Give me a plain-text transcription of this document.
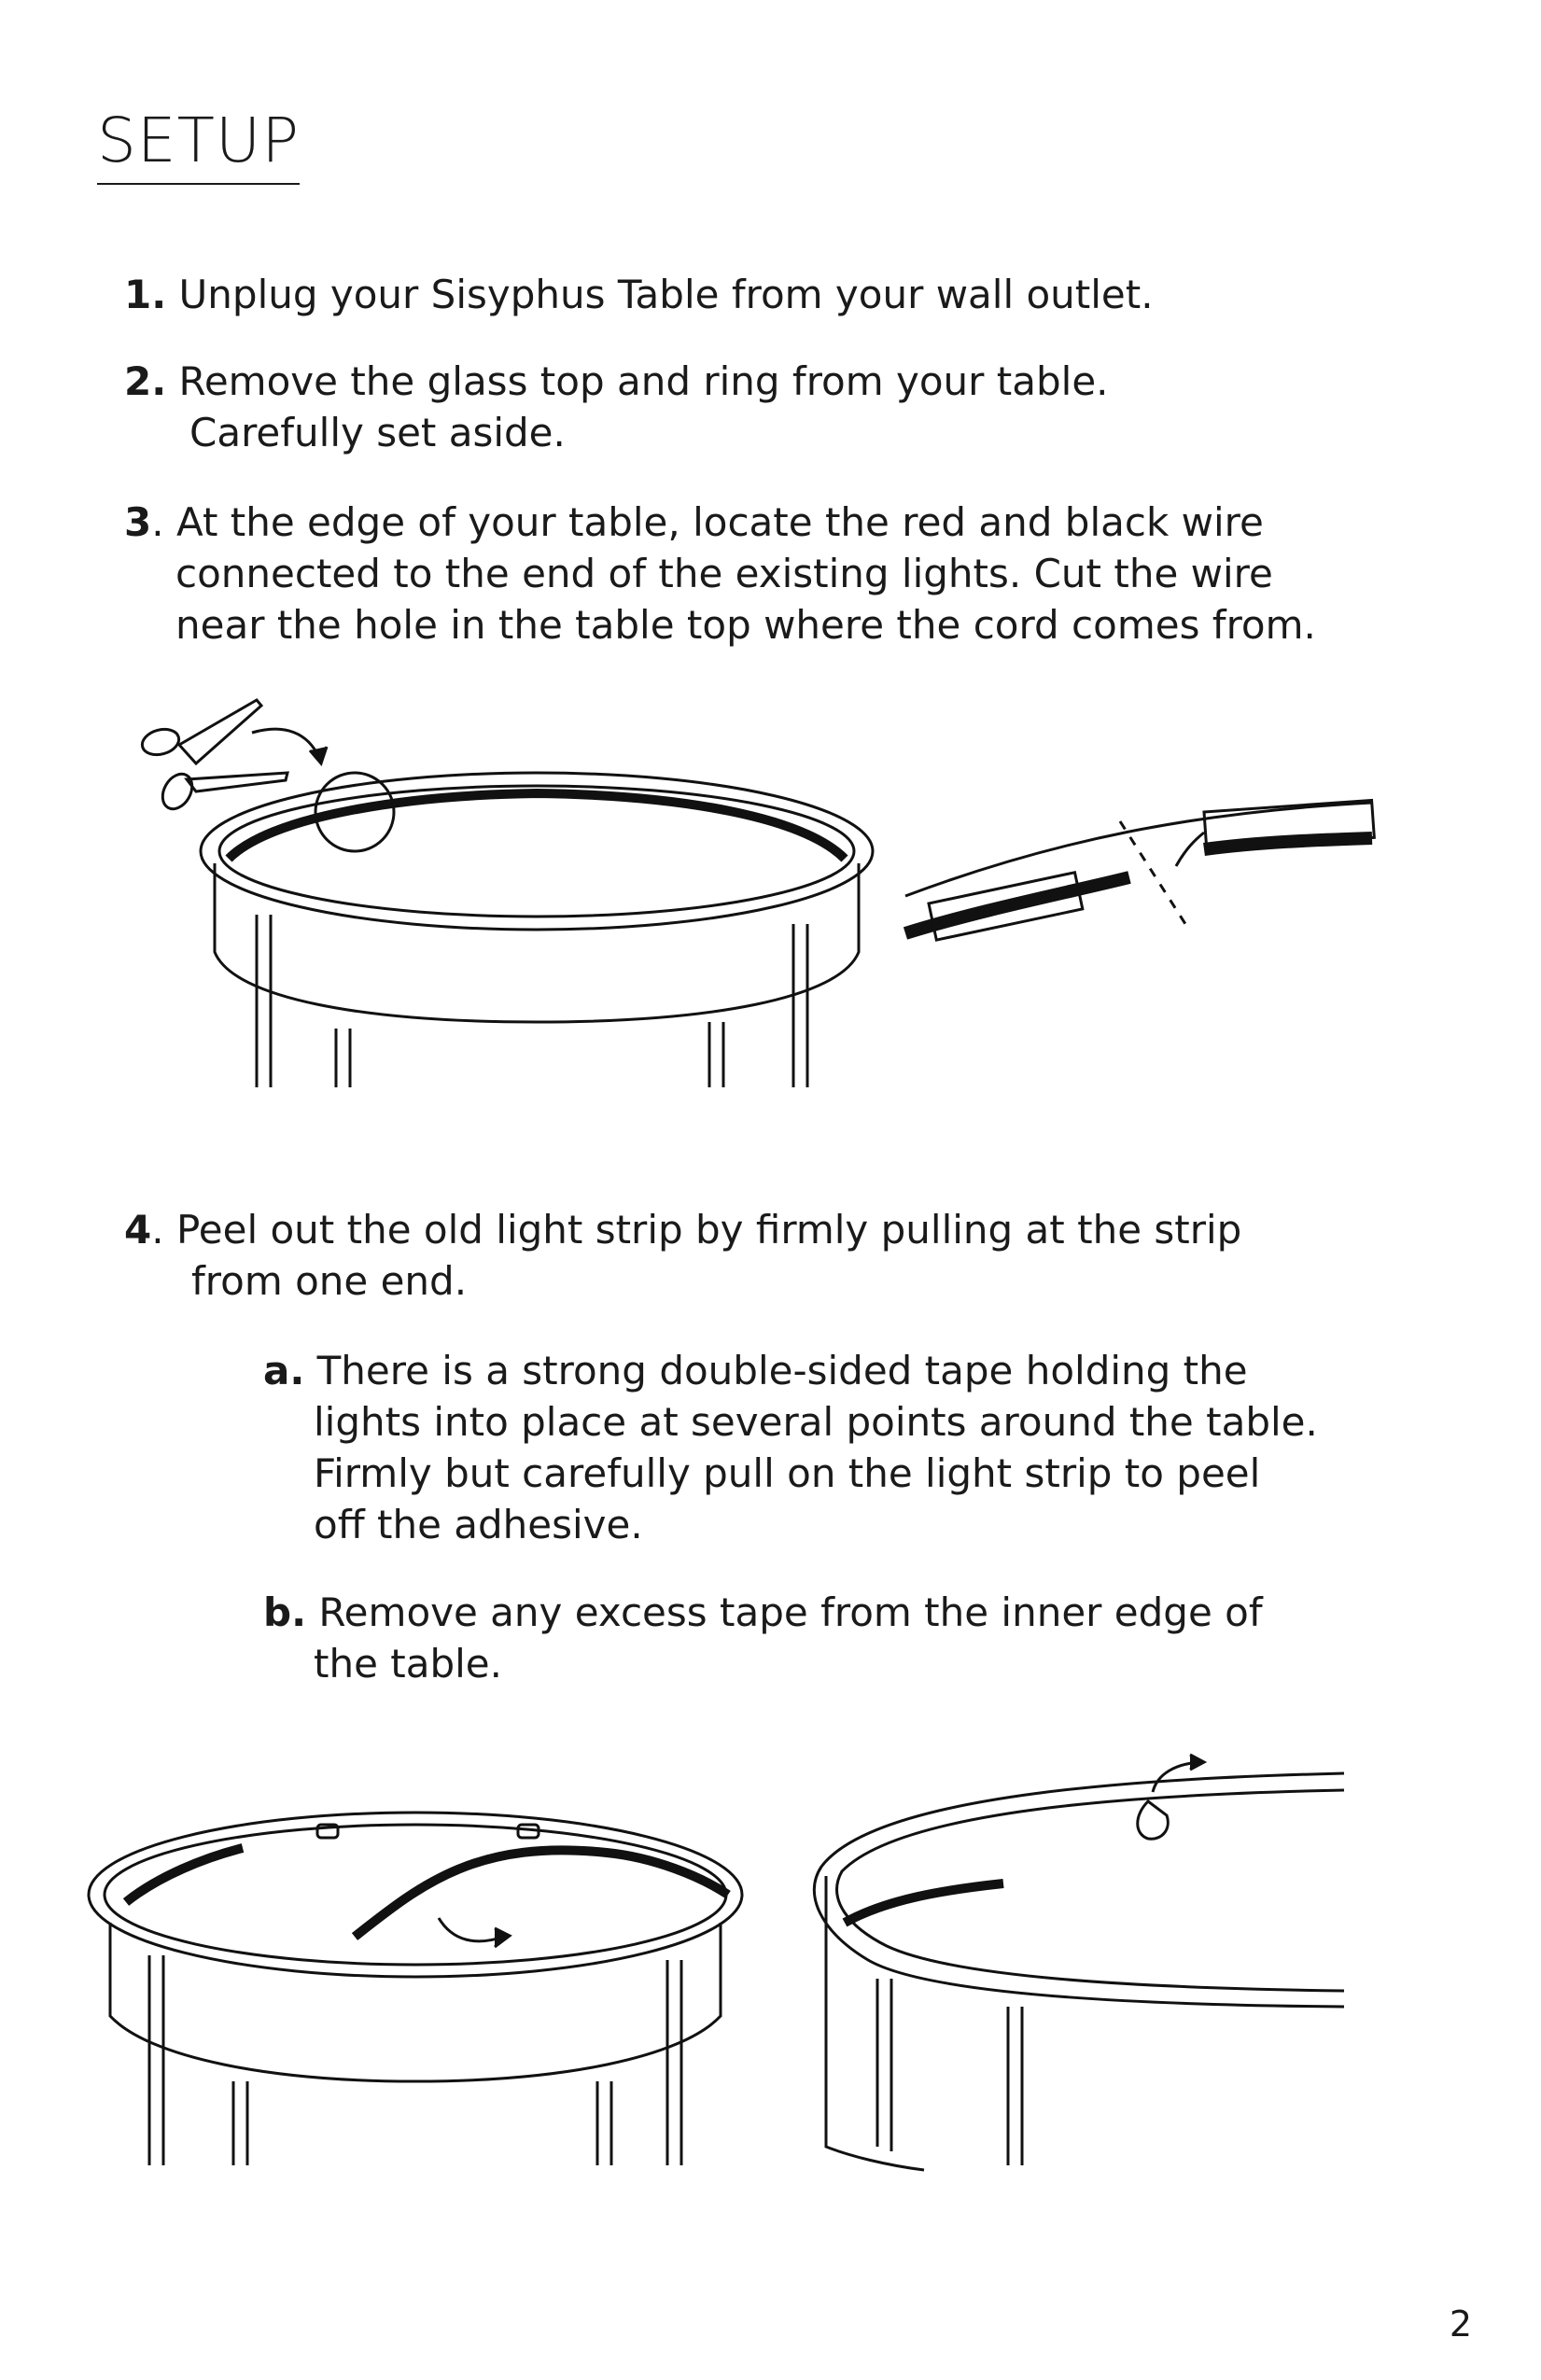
SETUP
1. Unplug your Sisyphus Table from your wall outlet.
2. Remove the glass top and ring from your table.
Carefully set aside.
3. At the edge of your table, locate the red and black wire
connected to the end of the existing lights. Cut the wire
near the hole in the table top where the cord comes from.
4. Peel out the old light strip by firmly pulling at the strip
from one end.
a. There is a strong double-sided tape holding the
lights into place at several points around the table.
Firmly but carefully pull on the light strip to peel
off the adhesive.
b. Remove any excess tape from the inner edge of
the table.
2
